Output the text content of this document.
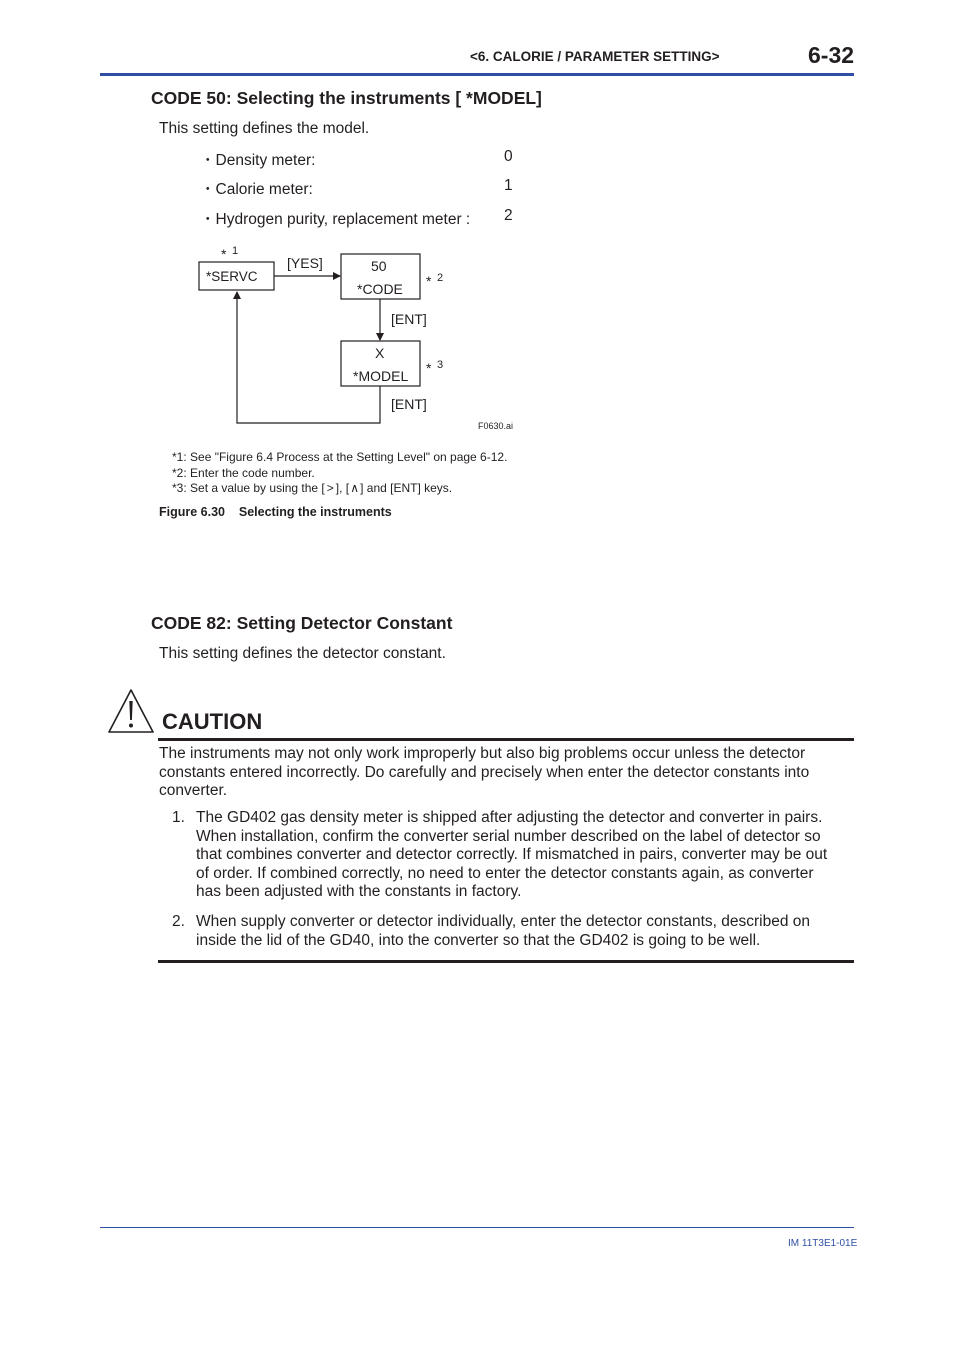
<6. CALORIE / PARAMETER SETTING>	6-32
CODE 50: Selecting the instruments [ *MODEL]
This setting defines the model.
・Density meter:	0
・Calorie meter:	1
・Hydrogen purity, replacement meter : 2
*
*
*
*SERVC
1
[YES]	50
*CODE
2
[ENT]
X
*MODEL
3
[ENT]
F0630.ai
*1: See "Figure 6.4 Process at the Setting Level" on page 6-12.
*2: Enter the code number.
*3: Set a value by using the [ > ], [∧] and [ENT] keys.
Figure 6.30    Selecting the instruments
CODE 82: Setting Detector Constant
This setting defines the detector constant.
CAUTION
The instruments may not only work improperly but also big problems occur unless the detector
constants entered incorrectly. Do carefully and precisely when enter the detector constants into
converter.
1. The GD402 gas density meter is shipped after adjusting the detector and converter in pairs.
When installation, confirm the converter serial number described on the label of detector so
that combines converter and detector correctly. If mismatched in pairs, converter may be out
of order. If combined correctly, no need to enter the detector constants again, as converter
has been adjusted with the constants in factory.
2. When supply converter or detector individually, enter the detector constants, described on
inside the lid of the GD40, into the converter so that the GD402 is going to be well.
IM 11T3E1-01E
